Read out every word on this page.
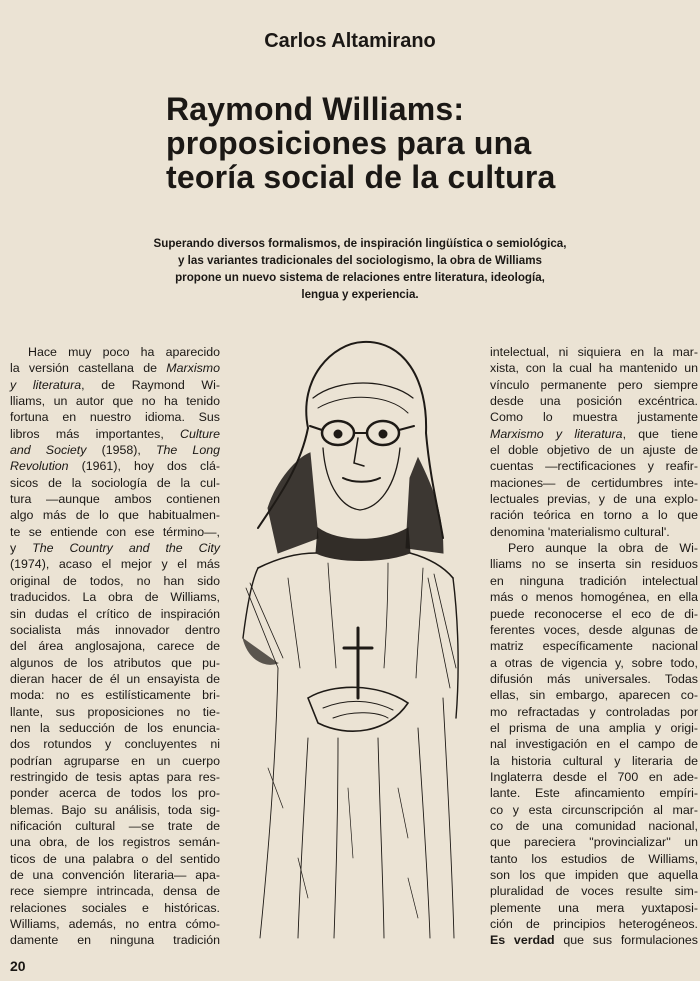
Carlos Altamirano
Raymond Williams:
proposiciones para una
teoría social de la cultura
Superando diversos formalismos, de inspiración lingüística o semiológica,
y las variantes tradicionales del sociologismo, la obra de Williams
propone un nuevo sistema de relaciones entre literatura, ideología,
lengua y experiencia.
Hace muy poco ha aparecido
la versión castellana de Marxismo
y literatura, de Raymond Wi-
lliams, un autor que no ha tenido
fortuna en nuestro idioma. Sus
libros más importantes, Culture
and Society (1958), The Long
Revolution (1961), hoy dos clá-
sicos de la sociología de la cul-
tura —aunque ambos contienen
algo más de lo que habitualmen-
te se entiende con ese término—,
y The Country and the City
(1974), acaso el mejor y el más
original de todos, no han sido
traducidos. La obra de Williams,
sin dudas el crítico de inspiración
socialista más innovador dentro
del área anglosajona, carece de
algunos de los atributos que pu-
dieran hacer de él un ensayista de
moda: no es estilísticamente bri-
llante, sus proposiciones no tie-
nen la seducción de los enuncia-
dos rotundos y concluyentes ni
podrían agruparse en un cuerpo
restringido de tesis aptas para res-
ponder acerca de todos los pro-
blemas. Bajo su análisis, toda sig-
nificación cultural —se trate de
una obra, de los registros semán-
ticos de una palabra o del sentido
de una convención literaria— apa-
rece siempre intrincada, densa de
relaciones sociales e históricas.
Williams, además, no entra cómo-
damente en ninguna tradición
intelectual, ni siquiera en la mar-
xista, con la cual ha mantenido un
vínculo permanente pero siempre
desde una posición excéntrica.
Como lo muestra justamente
Marxismo y literatura, que tiene
el doble objetivo de un ajuste de
cuentas —rectificaciones y reafir-
maciones— de certidumbres inte-
lectuales previas, y de una explo-
ración teórica en torno a lo que
denomina 'materialismo cultural'.
Pero aunque la obra de Wi-
lliams no se inserta sin residuos
en ninguna tradición intelectual
más o menos homogénea, en ella
puede reconocerse el eco de di-
ferentes voces, desde algunas de
matriz específicamente nacional
a otras de vigencia y, sobre todo,
difusión más universales. Todas
ellas, sin embargo, aparecen co-
mo refractadas y controladas por
el prisma de una amplia y origi-
nal investigación en el campo de
la historia cultural y literaria de
Inglaterra desde el 700 en ade-
lante. Este afincamiento empíri-
co y esta circunscripción al mar-
co de una comunidad nacional,
que pareciera ''provincializar'' un
tanto los estudios de Williams,
son los que impiden que aquella
pluralidad de voces resulte sim-
plemente una mera yuxtaposi-
ción de principios heterogéneos.
Es verdad que sus formulaciones
20
